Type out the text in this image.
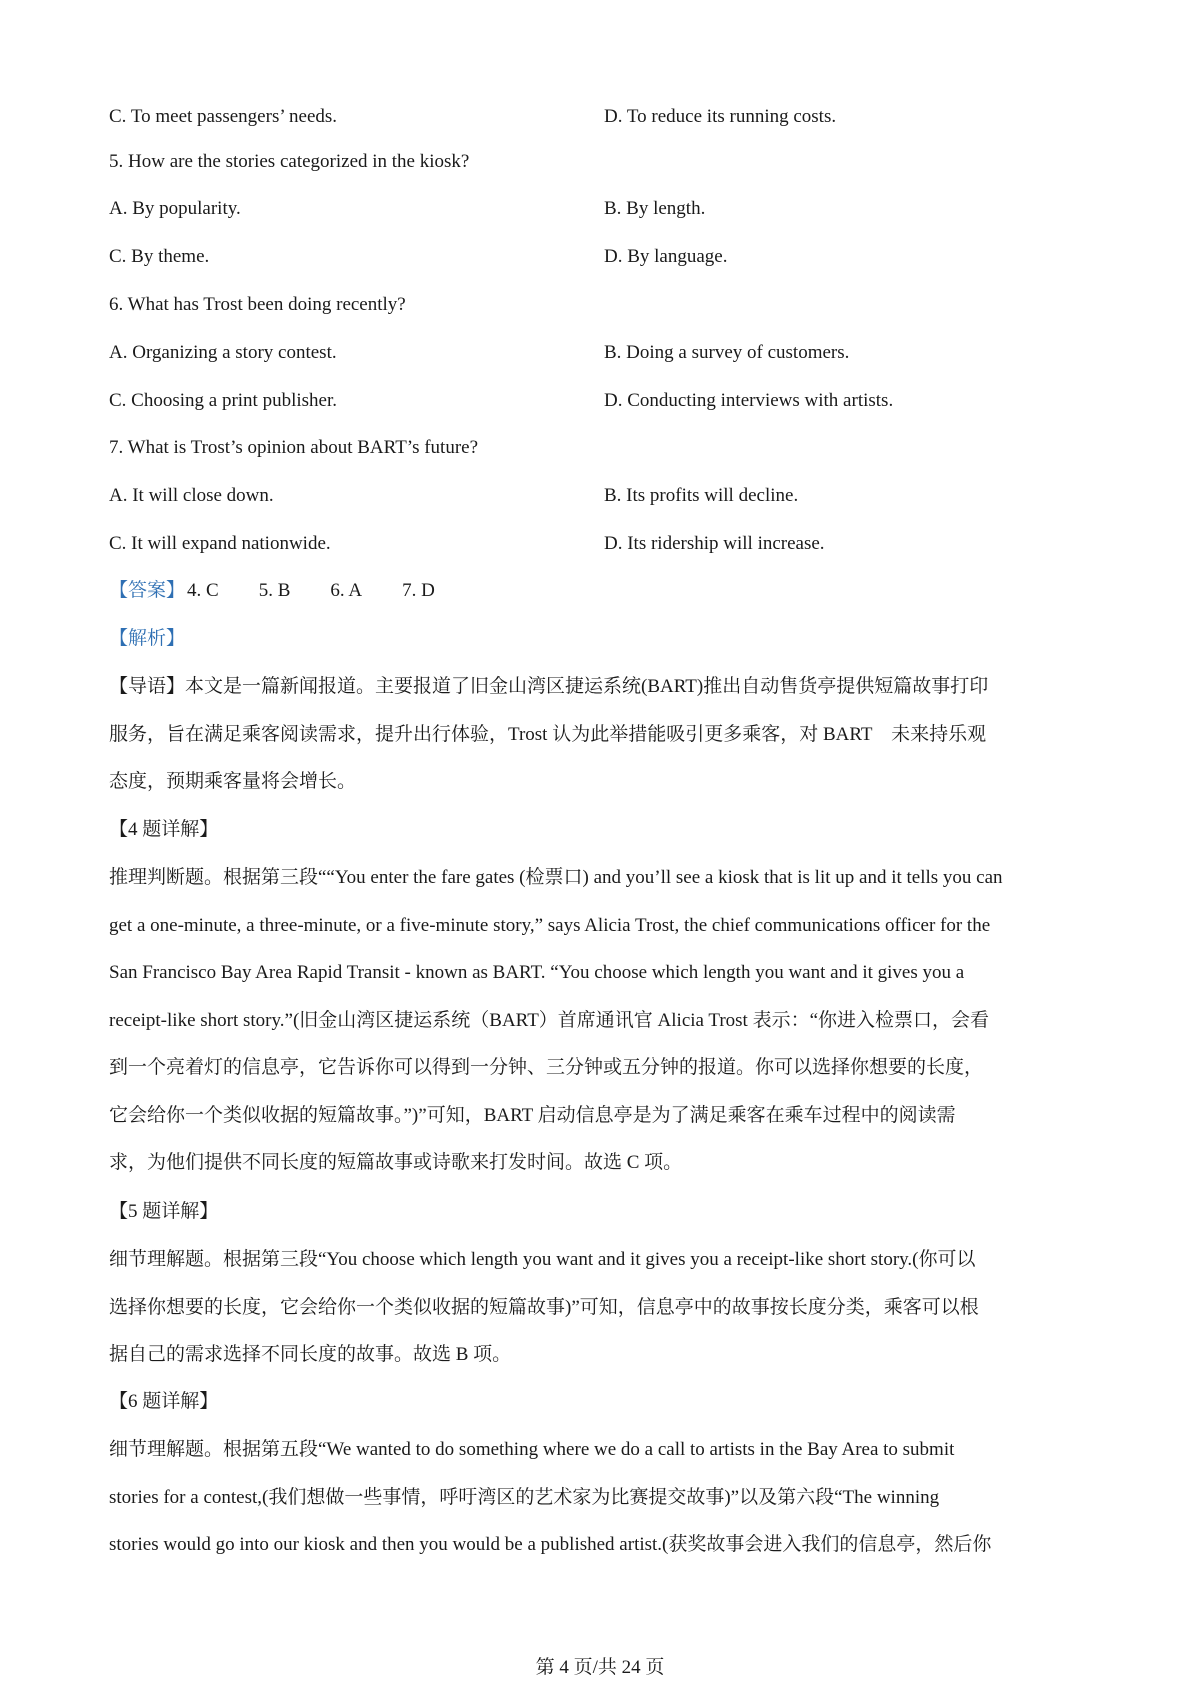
C. To meet passengers’ needs.	D. To reduce its running costs.
5. How are the stories categorized in the kiosk?
A. By popularity.	B. By length.
C. By theme.	D. By language.
6. What has Trost been doing recently?
A. Organizing a story contest.	B. Doing a survey of customers.
C. Choosing a print publisher.	D. Conducting interviews with artists.
7. What is Trost’s opinion about BART’s future?
A. It will close down.	B. Its profits will decline.
C. It will expand nationwide.	D. Its ridership will increase.
【答案】 4. C 5. B 6. A 7. D
【解析】
【导语】本文是一篇新闻报道。主要报道了旧金山湾区捷运系统(BART)推出自动售货亭提供短篇故事打印
服务，旨在满足乘客阅读需求，提升出行体验，Trost 认为此举措能吸引更多乘客，对 BART　未来持乐观
态度，预期乘客量将会增长。
【4 题详解】
推理判断题。根据第三段““You enter the fare gates (检票口) and you’ll see a kiosk that is lit up and it tells you can
get a one-minute, a three-minute, or a five-minute story,” says Alicia Trost, the chief communications officer for the
San Francisco Bay Area Rapid Transit - known as BART. “You choose which length you want and it gives you a
receipt-like short story.”(旧金山湾区捷运系统（BART）首席通讯官 Alicia Trost 表示：“你进入检票口，会看
到一个亮着灯的信息亭，它告诉你可以得到一分钟、三分钟或五分钟的报道。你可以选择你想要的长度，
它会给你一个类似收据的短篇故事。”)”可知，BART 启动信息亭是为了满足乘客在乘车过程中的阅读需
求，为他们提供不同长度的短篇故事或诗歌来打发时间。故选 C 项。
【5 题详解】
细节理解题。根据第三段“You choose which length you want and it gives you a receipt-like short story.(你可以
选择你想要的长度，它会给你一个类似收据的短篇故事)”可知，信息亭中的故事按长度分类，乘客可以根
据自己的需求选择不同长度的故事。故选 B 项。
【6 题详解】
细节理解题。根据第五段“We wanted to do something where we do a call to artists in the Bay Area to submit
stories for a contest,(我们想做一些事情，呼吁湾区的艺术家为比赛提交故事)”以及第六段“The winning
stories would go into our kiosk and then you would be a published artist.(获奖故事会进入我们的信息亭，然后你
第 4 页/共 24 页
